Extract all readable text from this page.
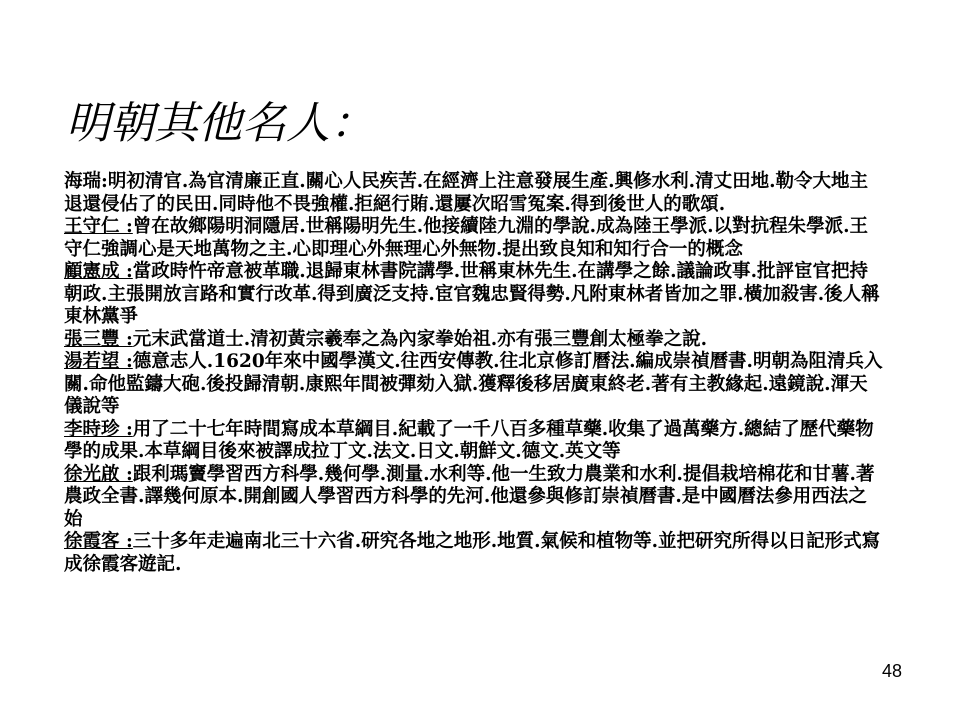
明朝其他名人：

海瑞:明初清官.為官清廉正直.關心人民疾苦.在經濟上注意發展生產.興修水利.清丈田地.勒令大地主退還侵佔了的民田.同時他不畏強權.拒絕行賄.還屢次昭雪冤案.得到後世人的歌頌.

王守仁 :曾在故鄉陽明洞隱居.世稱陽明先生.他接續陸九淵的學說.成為陸王學派.以對抗程朱學派.王守仁強調心是天地萬物之主.心即理心外無理心外無物.提出致良知和知行合一的概念

顧憲成 :當政時忤帝意被革職.退歸東林書院講學.世稱東林先生.在講學之餘.議論政事.批評宦官把持朝政.主張開放言路和實行改革.得到廣泛支持.宦官魏忠賢得勢.凡附東林者皆加之罪.橫加殺害.後人稱東林黨爭

張三豐 :元末武當道士.清初黃宗羲奉之為內家拳始祖.亦有張三豐創太極拳之說.

湯若望 :德意志人.1620年來中國學漢文.往西安傳教.往北京修訂曆法.編成崇禎曆書.明朝為阻清兵入關.命他監鑄大砲.後投歸清朝.康熙年間被彈劾入獄.獲釋後移居廣東終老.著有主教緣起.遠鏡說.渾天儀說等

李時珍 :用了二十七年時間寫成本草綱目.紀載了一千八百多種草藥.收集了過萬藥方.總結了歷代藥物學的成果.本草綱目後來被譯成拉丁文.法文.日文.朝鮮文.德文.英文等

徐光啟 :跟利瑪竇學習西方科學.幾何學.測量.水利等.他一生致力農業和水利.提倡栽培棉花和甘薯.著農政全書.譯幾何原本.開創國人學習西方科學的先河.他還參與修訂崇禎曆書.是中國曆法參用西法之始

徐霞客 :三十多年走遍南北三十六省.研究各地之地形.地質.氣候和植物等.並把研究所得以日記形式寫成徐霞客遊記.

48
